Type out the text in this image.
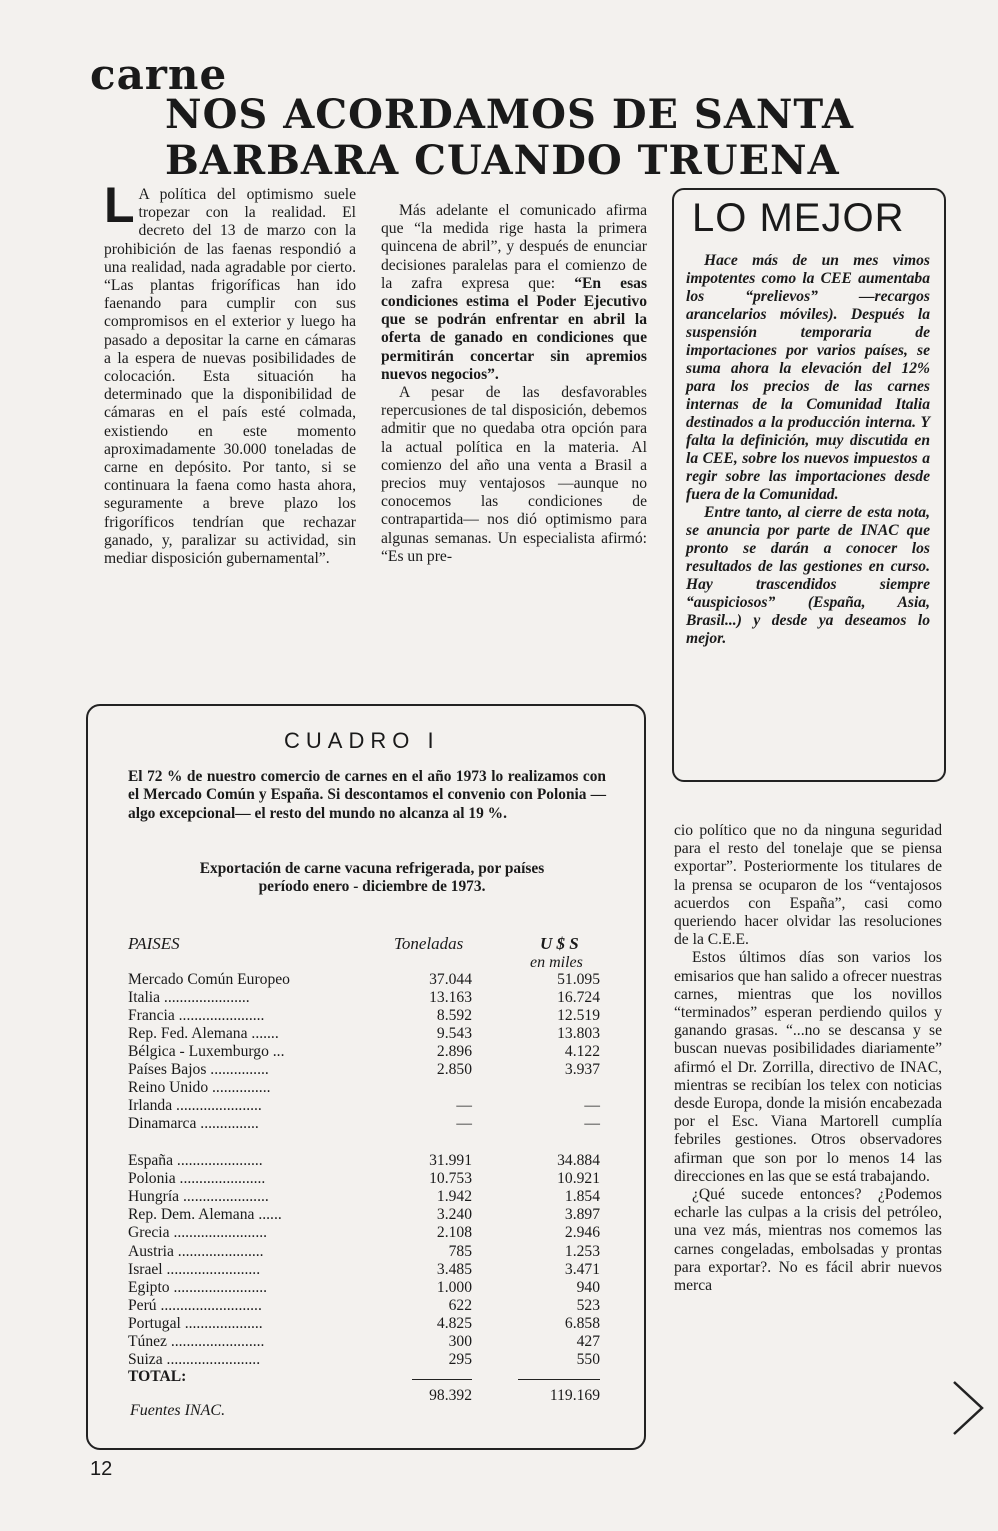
carne
NOS ACORDAMOS DE SANTA
BARBARA CUANDO TRUENA
L A política del optimismo suele tropezar con la realidad. El decreto del 13 de marzo con la prohibición de las faenas respondió a una realidad, nada agradable por cierto. “Las plantas frigoríficas han ido faenando para cumplir con sus compromisos en el exterior y luego ha pasado a depositar la carne en cámaras a la espera de nuevas posibilidades de colocación. Esta situación ha determinado que la disponibilidad de cámaras en el país esté colmada, existiendo en este momento aproximadamente 30.000 toneladas de carne en depósito. Por tanto, si se continuara la faena como hasta ahora, seguramente a breve plazo los frigoríficos tendrían que rechazar ganado, y, paralizar su actividad, sin mediar disposición gubernamental”.

Más adelante el comunicado afirma que “la medida rige hasta la primera quincena de abril”, y después de enunciar decisiones paralelas para el comienzo de la zafra expresa que: “En esas condiciones estima el Poder Ejecutivo que se podrán enfrentar en abril la oferta de ganado en condiciones que permitirán concertar sin apremios nuevos negocios”.

A pesar de las desfavorables repercusiones de tal disposición, debemos admitir que no quedaba otra opción para la actual política en la materia. Al comienzo del año una venta a Brasil a precios muy ventajosos —aunque no conocemos las condiciones de contrapartida— nos dió optimismo para algunas semanas. Un especialista afirmó: “Es un pre-

LO MEJOR

Hace más de un mes vimos impotentes como la CEE aumentaba los “prelievos” —recargos arancelarios móviles). Después la suspensión temporaria de importaciones por varios países, se suma ahora la elevación del 12% para los precios de las carnes internas de la Comunidad Italia destinados a la producción interna. Y falta la definición, muy discutida en la CEE, sobre los nuevos impuestos a regir sobre las importaciones desde fuera de la Comunidad.

Entre tanto, al cierre de esta nota, se anuncia por parte de INAC que pronto se darán a conocer los resultados de las gestiones en curso. Hay trascendidos siempre “auspiciosos” (España, Asia, Brasil...) y desde ya deseamos lo mejor.

CUADRO I
El 72 % de nuestro comercio de carnes en el año 1973 lo realizamos con el Mercado Común y España. Si descontamos el convenio con Polonia —algo excepcional— el resto del mundo no alcanza al 19 %.
Exportación de carne vacuna refrigerada, por países
período enero - diciembre de 1973.
PAISES	Toneladas	U $ S
en miles
Mercado Común Europeo	37.044	51.095
Italia ......................	13.163	16.724
Francia ......................	8.592	12.519
Rep. Fed. Alemana .......	9.543	13.803
Bélgica - Luxemburgo ...	2.896	4.122
Países Bajos ...............	2.850	3.937
Reino Unido ...............
Irlanda ......................	—	—
Dinamarca ...............	—	—
España ......................	31.991	34.884
Polonia ......................	10.753	10.921
Hungría ......................	1.942	1.854
Rep. Dem. Alemana ......	3.240	3.897
Grecia ........................	2.108	2.946
Austria ......................	785	1.253
Israel ........................	3.485	3.471
Egipto ........................	1.000	940
Perú ..........................	622	523
Portugal ....................	4.825	6.858
Túnez ........................	300	427
Suiza ........................	295	550
TOTAL:
98.392	119.169
Fuentes INAC.

cio político que no da ninguna seguridad para el resto del tonelaje que se piensa exportar”. Posteriormente los titulares de la prensa se ocuparon de los “ventajosos acuerdos con España”, casi como queriendo hacer olvidar las resoluciones de la C.E.E.

Estos últimos días son varios los emisarios que han salido a ofrecer nuestras carnes, mientras que los novillos “terminados” esperan perdiendo quilos y ganando grasas. “...no se descansa y se buscan nuevas posibilidades diariamente” afirmó el Dr. Zorrilla, directivo de INAC, mientras se recibían los telex con noticias desde Europa, donde la misión encabezada por el Esc. Viana Martorell cumplía febriles gestiones. Otros observadores afirman que son por lo menos 14 las direcciones en las que se está trabajando.

¿Qué sucede entonces? ¿Podemos echarle las culpas a la crisis del petróleo, una vez más, mientras nos comemos las carnes congeladas, embolsadas y prontas para exportar?. No es fácil abrir nuevos merca

12
